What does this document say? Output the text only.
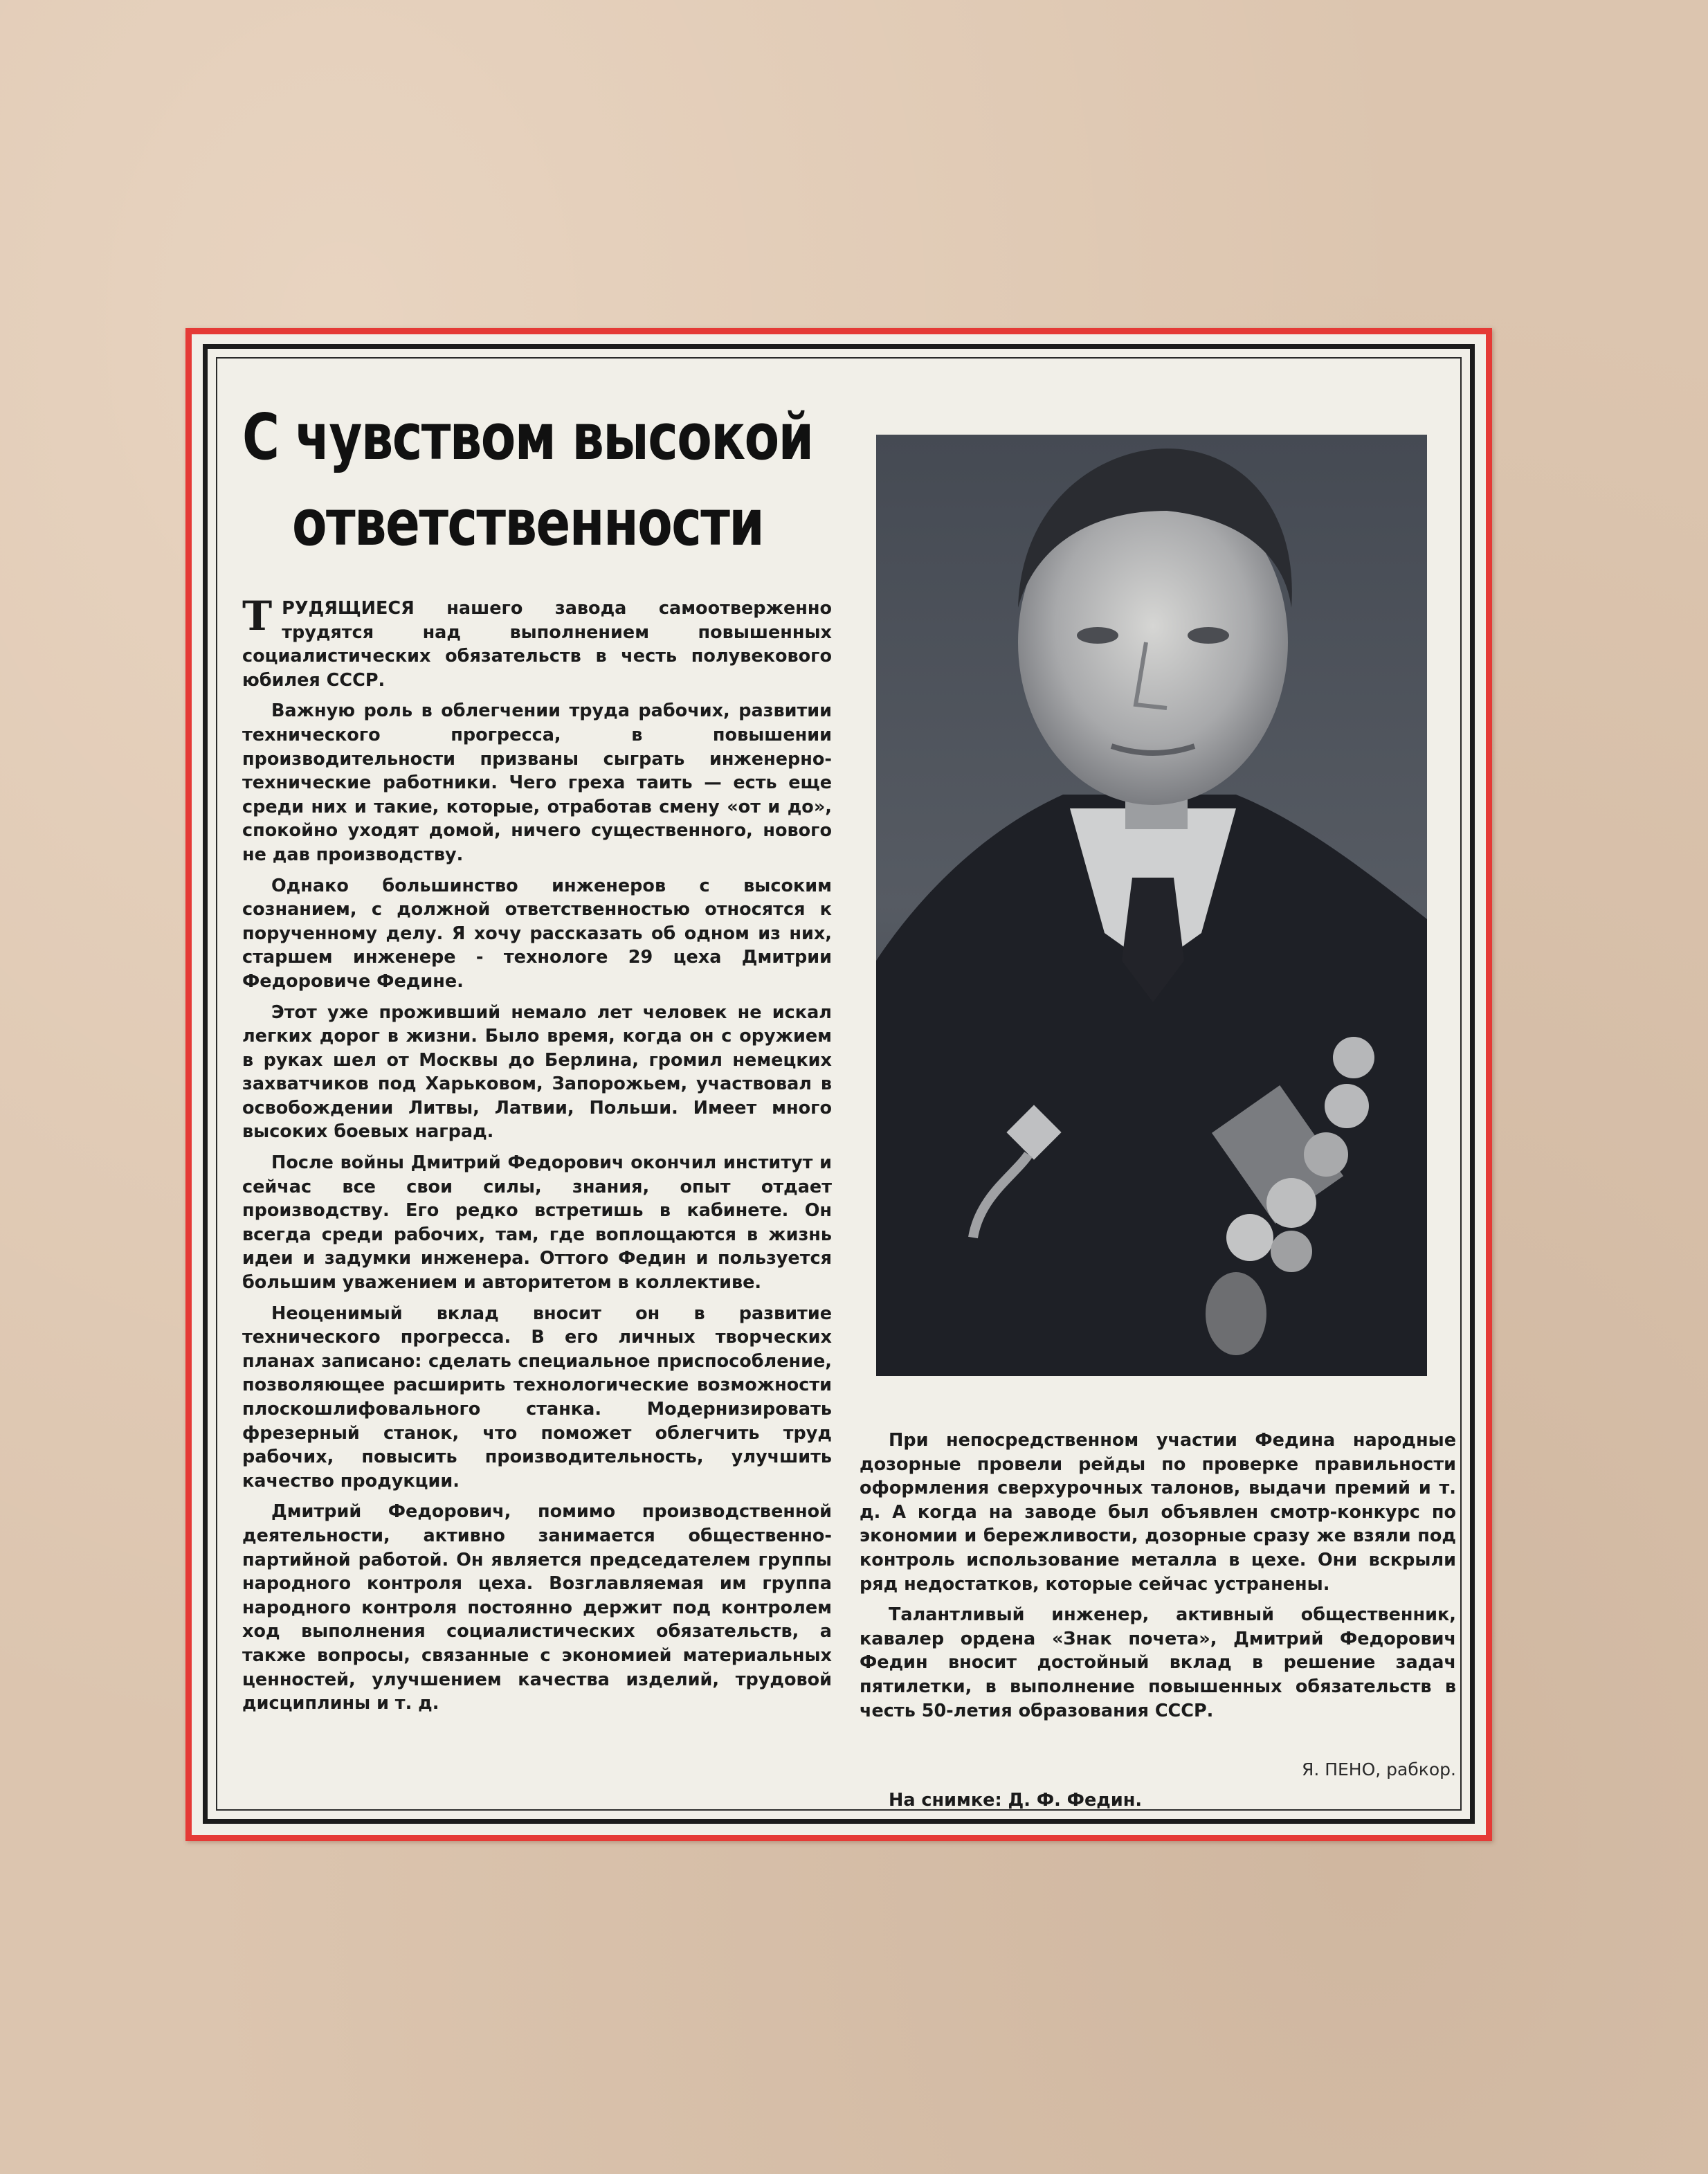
С чувством высокой
ответственности

ТРУДЯЩИЕСЯ нашего завода самоотверженно трудятся над выполнением повышенных социалистических обязательств в честь полувекового юбилея СССР.

Важную роль в облегчении труда рабочих, развитии технического прогресса, в повышении производительности призваны сыграть инженерно-технические работники. Чего греха таить — есть еще среди них и такие, которые, отработав смену «от и до», спокойно уходят домой, ничего существенного, нового не дав производству.

Однако большинство инженеров с высоким сознанием, с должной ответственностью относятся к порученному делу. Я хочу рассказать об одном из них, старшем инженере - технологе 29 цеха Дмитрии Федоровиче Федине.

Этот уже проживший немало лет человек не искал легких дорог в жизни. Было время, когда он с оружием в руках шел от Москвы до Берлина, громил немецких захватчиков под Харьковом, Запорожьем, участвовал в освобождении Литвы, Латвии, Польши. Имеет много высоких боевых наград.

После войны Дмитрий Федорович окончил институт и сейчас все свои силы, знания, опыт отдает производству. Его редко встретишь в кабинете. Он всегда среди рабочих, там, где воплощаются в жизнь идеи и задумки инженера. Оттого Федин и пользуется большим уважением и авторитетом в коллективе.

Неоценимый вклад вносит он в развитие технического прогресса. В его личных творческих планах записано: сделать специальное приспособление, позволяющее расширить технологические возможности плоскошлифовального станка. Модернизировать фрезерный станок, что поможет облегчить труд рабочих, повысить производительность, улучшить качество продукции.

Дмитрий Федорович, помимо производственной деятельности, активно занимается общественно-партийной работой. Он является председателем группы народного контроля цеха. Возглавляемая им группа народного контроля постоянно держит под контролем ход выполнения социалистических обязательств, а также вопросы, связанные с экономией материальных ценностей, улучшением качества изделий, трудовой дисциплины и т. д.

При непосредственном участии Федина народные дозорные провели рейды по проверке правильности оформления сверхурочных талонов, выдачи премий и т. д. А когда на заводе был объявлен смотр-конкурс по экономии и бережливости, дозорные сразу же взяли под контроль использование металла в цехе. Они вскрыли ряд недостатков, которые сейчас устранены.

Талантливый инженер, активный общественник, кавалер ордена «Знак почета», Дмитрий Федорович Федин вносит достойный вклад в решение задач пятилетки, в выполнение повышенных обязательств в честь 50-летия образования СССР.

Я. ПЕНО, рабкор.
На снимке: Д. Ф. Федин.
